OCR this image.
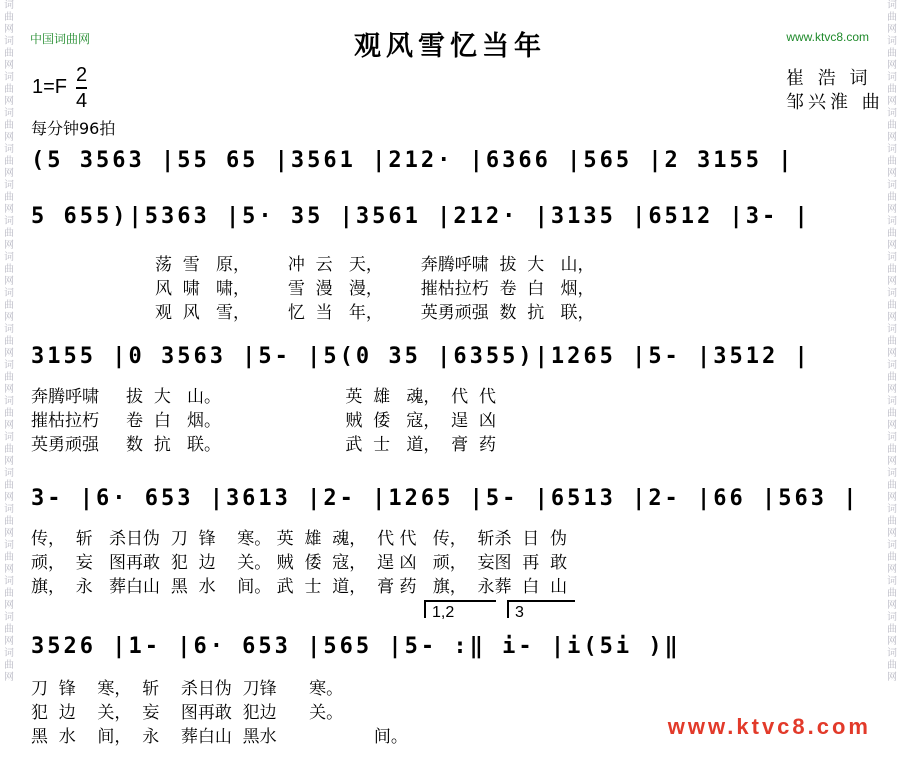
词曲网词曲网词曲网词曲网词曲网词曲网词曲网词曲网词曲网词曲网词曲网词曲网词曲网词曲网词曲网词曲网词曲网词曲网词曲网
词曲网词曲网词曲网词曲网词曲网词曲网词曲网词曲网词曲网词曲网词曲网词曲网词曲网词曲网词曲网词曲网词曲网词曲网词曲网
中国词曲网	www.ktvc8.com
观风雪忆当年
1=F
2
4
每分钟96拍
崔 浩 词
邹兴淮 曲
(5 3563 |55 65 |3561 |212· |6366 |565 |2 3155 |
5 655)|5363 |5· 35 |3561 |212· |3135 |6512 |3- |
荡  雪   原，       冲  云   天，       奔腾呼啸  拔  大   山，
风  啸   啸，       雪  漫   漫，       摧枯拉朽  卷  白   烟，
观  风   雪，       忆  当   年，       英勇顽强  数  抗   联，
3155 |0 3563 |5- |5(0 35 |6355)|1265 |5- |3512 |
奔腾呼啸     拔  大   山。                       英  雄   魂，  代  代
摧枯拉朽     卷  白   烟。                       贼  倭   寇，  逞  凶
英勇顽强     数  抗   联。                       武  士   道，  膏  药
3- |6· 653 |3613 |2- |1265 |5- |6513 |2- |66 |563 |
传，  斩   杀日伪  刀  锋    寒。 英  雄  魂，  代 代   传，  斩杀  日  伪
顽，  妄   图再敢  犯  边    关。 贼  倭  寇，  逞 凶   顽，  妄图  再  敢
旗，  永   葬白山  黑  水    间。 武  士  道，  膏 药   旗，  永葬  白  山
1,2	3
3526 |1- |6· 653 |565 |5- :‖ i- |i(5i )‖
刀  锋    寒，  斩    杀日伪  刀锋      寒。
犯  边    关，  妄    图再敢  犯边      关。
黑  水    间，  永    葬白山  黑水                  间。	www.ktvc8.com
